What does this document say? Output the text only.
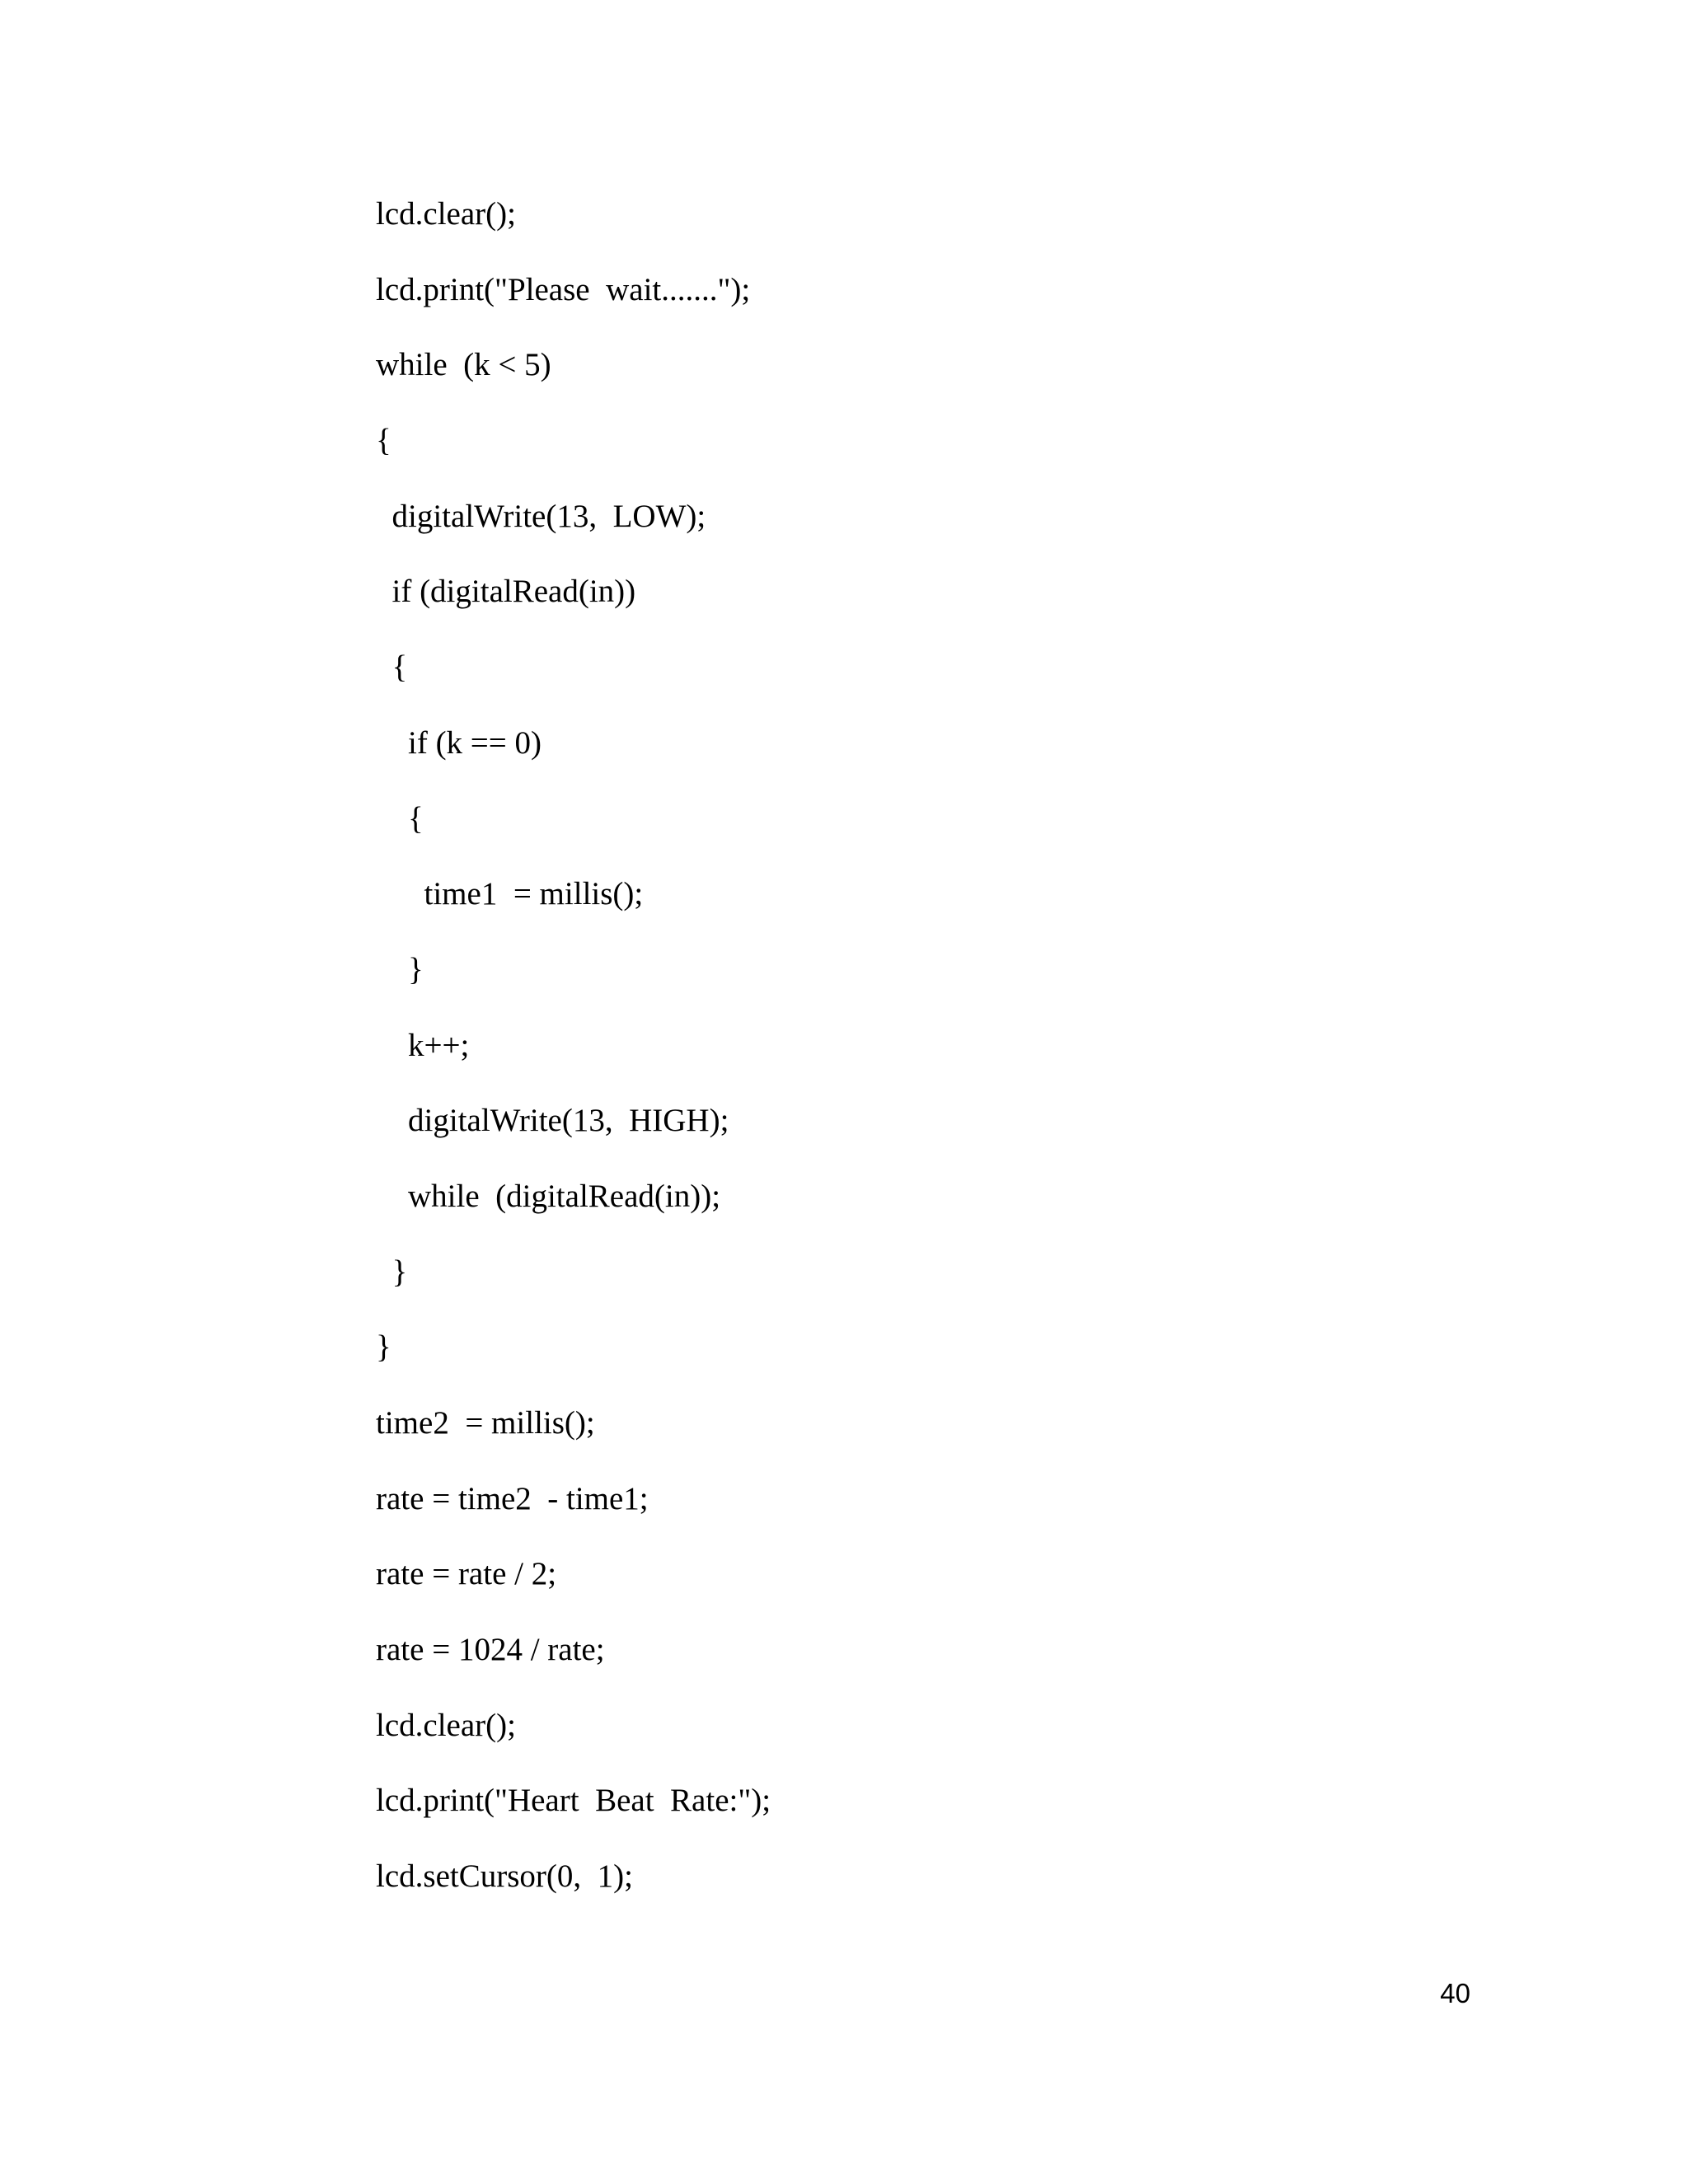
lcd.clear();
lcd.print("Please  wait.......");
while  (k < 5)
{
digitalWrite(13,  LOW);
if (digitalRead(in))
{
if (k == 0)
{
time1  = millis();
}
k++;
digitalWrite(13,  HIGH);
while  (digitalRead(in));
}
}
time2  = millis();
rate = time2  - time1;
rate = rate / 2;
rate = 1024 / rate;
lcd.clear();
lcd.print("Heart  Beat  Rate:");
lcd.setCursor(0,  1);
40
